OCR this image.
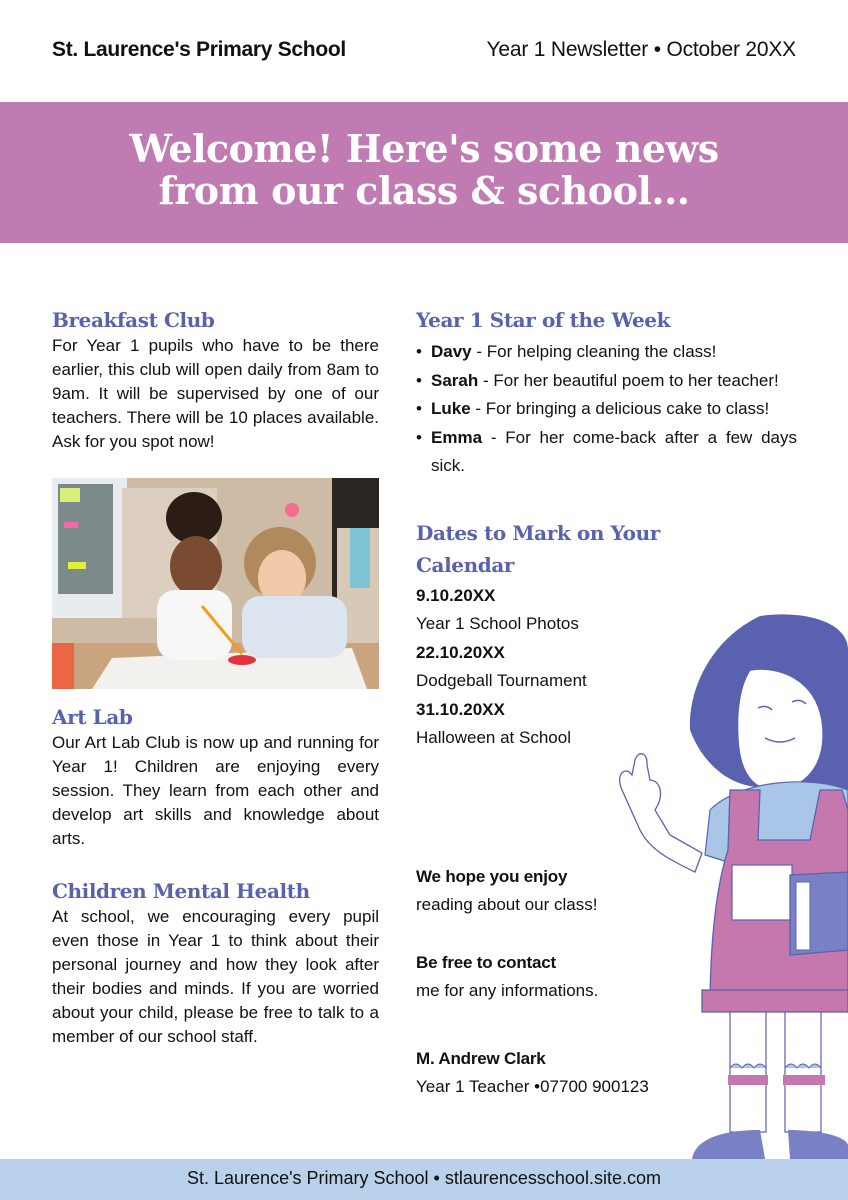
St. Laurence's Primary School	Year 1 Newsletter • October 20XX
Welcome! Here's some news
from our class & school...
Breakfast Club

For Year 1 pupils who have to be there earlier, this club will open daily from 8am to 9am. It will be supervised by one of our teachers. There will be 10 places available. Ask for you spot now!

Art Lab

Our Art Lab Club is now up and running for Year 1! Children are enjoying every session. They learn from each other and develop art skills and knowledge about arts.

Children Mental Health

At school, we encouraging every pupil even those in Year 1 to think about their personal journey and how they look after their bodies and minds. If you are worried about your child, please be free to talk to a member of our school staff.

Year 1 Star of the Week
• Davy - For helping cleaning the class!
• Sarah - For her beautiful poem to her teacher!
• Luke - For bringing a delicious cake to class!
• Emma - For her come-back after a few days sick.
Dates to Mark on Your
Calendar
9.10.20XX
Year 1 School Photos
22.10.20XX
Dodgeball Tournament
31.10.20XX
Halloween at School
We hope you enjoy
reading about our class!
Be free to contact
me for any informations.
M. Andrew Clark
Year 1 Teacher •07700 900123
St. Laurence's Primary School • stlaurencesschool.site.com
